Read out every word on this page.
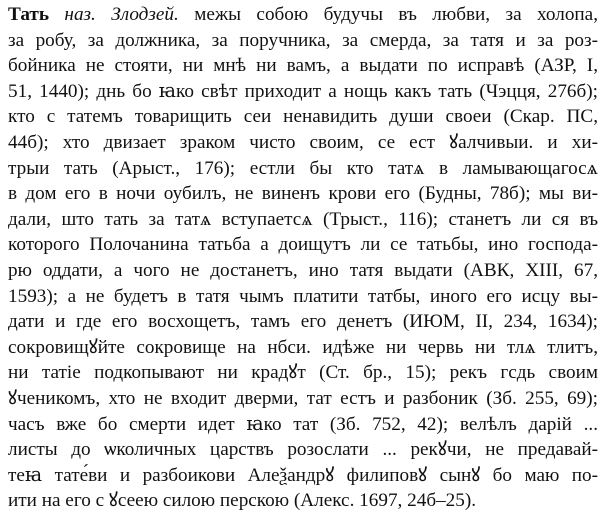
Тать наз. Злодзей. межы собою будучы въ любви, за холопа,
за робу, за должника, за поручника, за смерда, за татя и за роз-
бойника не стояти, ни мнѣ ни вамъ, а выдати по исправѣ (АЗР, I,
51, 1440); днь бо ꙗко свѣт приходит а нощь какъ тать (Чэцця, 276б);
кто с татемъ товарищить сеи ненавидить души своеи (Скар. ПС,
44б); хто двизает зраком чисто своим, се ест ꙋалчивыи. и хи-
трыи тать (Арыст., 176); естли бы кто татѧ в ламывающагосѧ
в дом его в ночи оубилъ, не виненъ крови его (Будны, 78б); мы ви-
дали, што тать за татѧ вступаетсѧ (Трыст., 116); станетъ ли ся въ
которого Полочанина татьба а доищутъ ли се татьбы, ино господа-
рю оддати, а чого не достанетъ, ино татя выдати (АВК, XIII, 67,
1593); а не будетъ в татя чымъ платити татбы, иного его исцу вы-
дати и где его восхощетъ, тамъ его денетъ (ИЮМ, II, 234, 1634);
сокровищꙋйте сокровище на нбси. идѣже ни червь ни тлѧ тлитъ,
ни татіе подкопывают ни крадꙋт (Ст. бр., 15); рекъ гсдь своим
ꙋченикомъ, хто не входит дверми, тат естъ и разбоник (Зб. 255, 69);
часъ вже бо смерти идет ꙗко тат (Зб. 752, 42); велѣлъ дарій ...
листы до ѡколичных царствъ розослати ... рекꙋчи, не предавай-
теꙗ тате́ви и разбоикови Алеѯандрꙋ филиповꙋ сынꙋ бо маю по-
ити на его с ꙋсеею силою перскою (Алекс. 1697, 24б–25).
